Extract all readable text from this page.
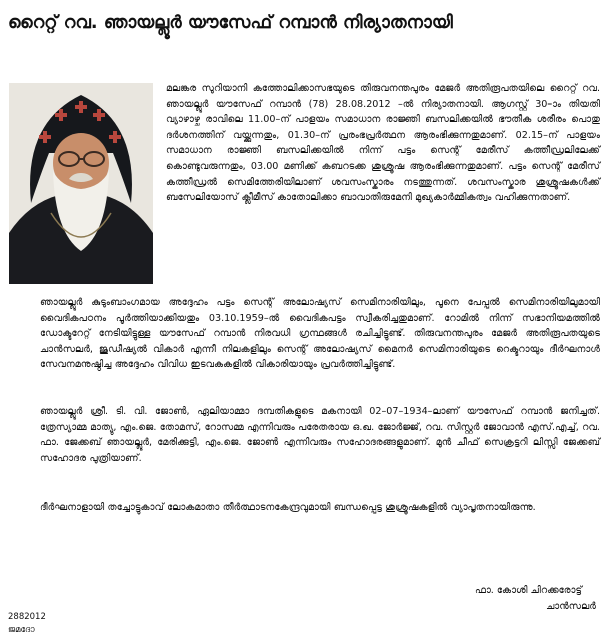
റൈറ്റ് റവ. ഞായല്ലൂർ യൗസേഫ് റമ്പാൻ നിര്യാതനായി

മലങ്കര സുറിയാനി കത്തോലിക്കാസഭയുടെ തിരുവനന്തപുരം മേജർ അതിരൂപതയിലെ റൈറ്റ് റവ. ഞായല്ലൂർ യൗസേഫ് റമ്പാൻ (78) 28.08.2012 –ൽ നിര്യാതനായി. ആഗസ്റ്റ് 30–ാം തിയതി വ്യാഴാഴ്ച രാവിലെ 11.00–ന് പാളയം സമാധാന രാജ്ഞി ബസലിക്കയിൽ ഭൗതീക ശരീരം പൊതു ദർശനത്തിന് വയ്ക്കുന്നതും, 01.30–ന് പ്രരംഭപ്രർത്ഥന ആരംഭിക്കുന്നതുമാണ്. 02.15–ന് പാളയം സമാധാന രാജ്ഞി ബസലിക്കയിൽ നിന്ന് പട്ടം സെന്റ് മേരീസ് കത്തീഡ്രലിലേക്ക് കൊണ്ടുവരുന്നതും, 03.00 മണിക്ക് കബറടക്ക ശുശ്രൂഷ ആരംഭിക്കുന്നതുമാണ്. പട്ടം സെന്റ് മേരീസ് കത്തീഡ്രൽ സെമിത്തേരിയിലാണ് ശവസംസ്കാരം നടത്തുന്നത്. ശവസംസ്കാര ശുശ്രൂഷകൾക്ക് ബസേലിയോസ് ക്ലീമീസ് കാതോലിക്കാ ബാവാതിരുമേനി മുഖ്യകാർമ്മികത്വം വഹിക്കുന്നതാണ്.

ഞായല്ലൂർ കുടുംബാംഗമായ അദ്ദേഹം പട്ടം സെന്റ് അലോഷ്യസ് സെമിനാരിയിലും, പൂനെ പേപ്പൽ സെമിനാരിയിലുമായി വൈദികപഠനം പൂർത്തിയാക്കിയതും 03.10.1959–ൽ വൈദികപട്ടം സ്വീകരിച്ചതുമാണ്. റോമിൽ നിന്ന് സഭാനിയമത്തിൽ ഡോക്ടറേറ്റ് നേടിയിട്ടുള്ള യൗസേഫ് റമ്പാൻ നിരവധി ഗ്രന്ഥങ്ങൾ രചിച്ചിട്ടുണ്ട്. തിരുവനന്തപുരം മേജർ അതിരൂപതയുടെ ചാൻസലർ, ജുഡീഷ്യൽ വികാർ എന്നീ നിലകളിലും സെന്റ് അലോഷ്യസ് മൈനർ സെമിനാരിയുടെ റെക്ടറായും ദീർഘനാൾ സേവനമനുഷ്ഠിച്ച അദ്ദേഹം വിവിധ ഇടവകകളിൽ വികാരിയായും പ്രവർത്തിച്ചിട്ടുണ്ട്.

ഞായല്ലൂർ ശ്രീ. ടി. വി. ജോൺ, ഏലിയാമ്മാ ദമ്പതികളുടെ മകനായി 02–07–1934–ലാണ് യൗസേഫ് റമ്പാൻ ജനിച്ചത്. ത്രേസ്യാമ്മ മാത്യു, എം.ജെ. തോമസ്, റോസമ്മ എന്നിവരും പരേതരായ ഒ.ഖ. ജോർജ്ജ്, റവ. സിസ്റ്റർ ജോവാൻ എസ്.എച്ച്, റവ. ഫാ. ജേക്കബ് ഞായല്ലൂർ, മേരിക്കുട്ടി, എം.ജെ. ജോൺ എന്നിവരും സഹോദരങ്ങളുമാണ്. മുൻ ചീഫ് സെക്രട്ടറി ലിസ്സി ജേക്കബ് സഹോദര പുത്രിയാണ്.

ദീർഘനാളായി തച്ചോട്ടുകാവ് ലോകമാതാ തീർത്ഥാടനകേന്ദ്രവുമായി ബന്ധപ്പെട്ട ശുശ്രൂഷകളിൽ വ്യാപൃതനായിരുന്നു.

ഫാ. കോശി ചിറക്കരോട്ട്
ചാൻസലർ
2882012
ജമദോ
